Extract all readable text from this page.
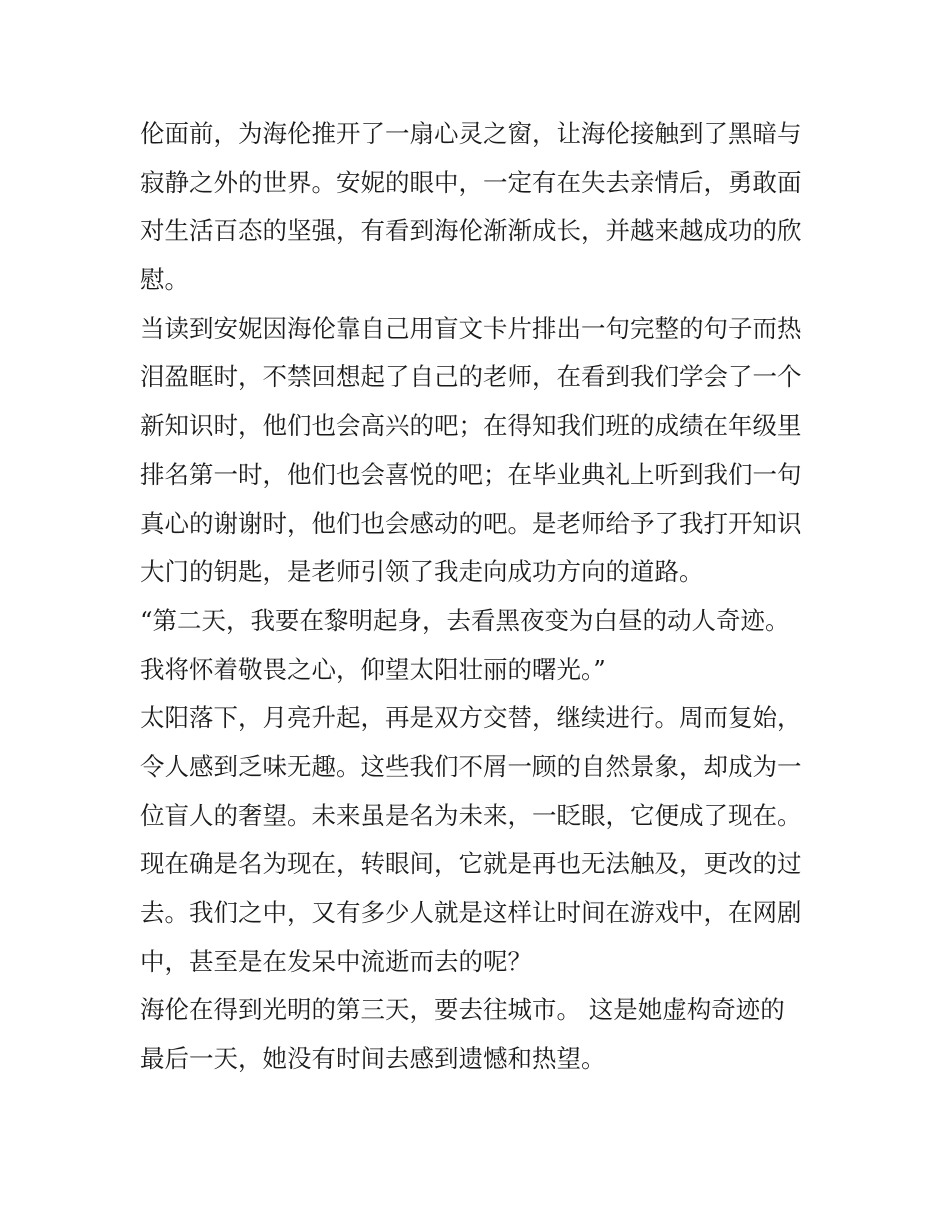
伦面前，为海伦推开了一扇心灵之窗，让海伦接触到了黑暗与
寂静之外的世界。安妮的眼中，一定有在失去亲情后，勇敢面
对生活百态的坚强，有看到海伦渐渐成长，并越来越成功的欣
慰。
当读到安妮因海伦靠自己用盲文卡片排出一句完整的句子而热
泪盈眶时，不禁回想起了自己的老师，在看到我们学会了一个
新知识时，他们也会高兴的吧；在得知我们班的成绩在年级里
排名第一时，他们也会喜悦的吧；在毕业典礼上听到我们一句
真心的谢谢时，他们也会感动的吧。是老师给予了我打开知识
大门的钥匙，是老师引领了我走向成功方向的道路。
“第二天，我要在黎明起身，去看黑夜变为白昼的动人奇迹。
我将怀着敬畏之心，仰望太阳壮丽的曙光。”
太阳落下，月亮升起，再是双方交替，继续进行。周而复始，
令人感到乏味无趣。这些我们不屑一顾的自然景象，却成为一
位盲人的奢望。未来虽是名为未来，一眨眼，它便成了现在。
现在确是名为现在，转眼间，它就是再也无法触及，更改的过
去。我们之中，又有多少人就是这样让时间在游戏中，在网剧
中，甚至是在发呆中流逝而去的呢？
海伦在得到光明的第三天，要去往城市。 这是她虚构奇迹的
最后一天，她没有时间去感到遗憾和热望。
